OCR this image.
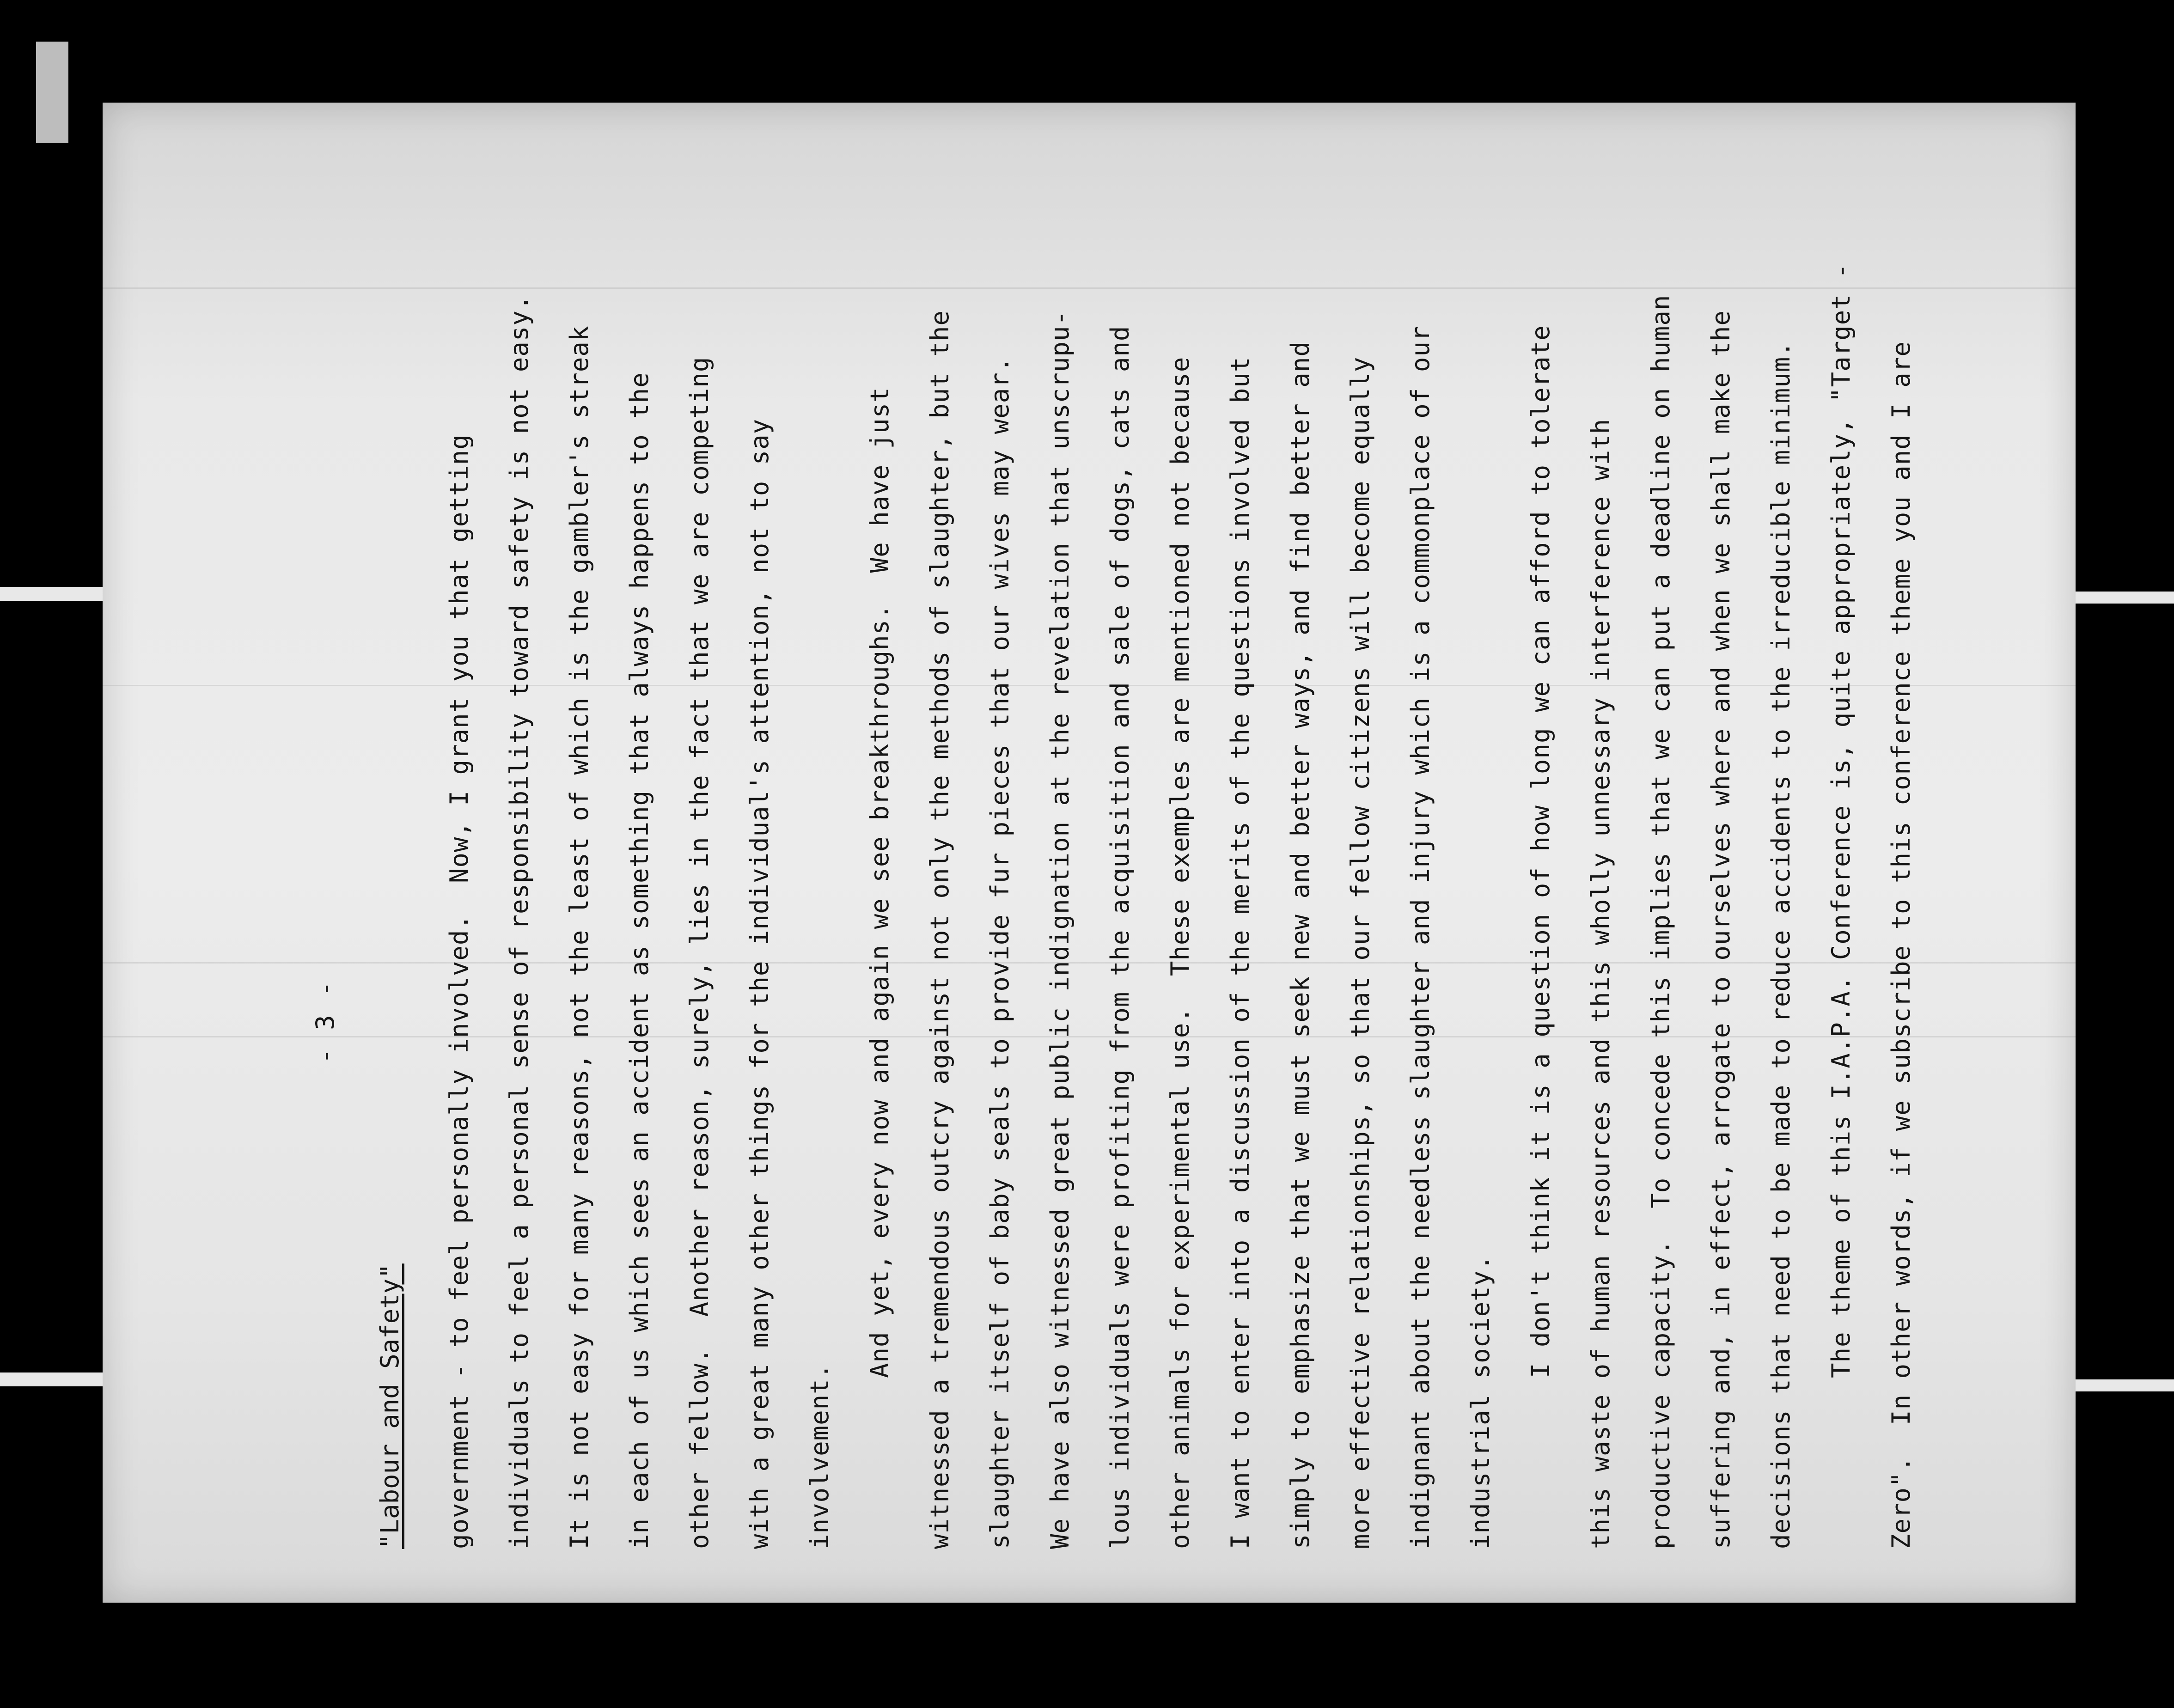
- 3 -
"Labour and Safety" government - to feel personally involved.  Now, I grant you that getting individuals to feel a personal sense of responsibility toward safety is not easy. It is not easy for many reasons, not the least of which is the gambler's streak in each of us which sees an accident as something that always happens to the other fellow.  Another reason, surely, lies in the fact that we are competing with a great many other things for the individual's attention, not to say involvement.
And yet, every now and again we see breakthroughs.  We have just witnessed a tremendous outcry against not only the methods of slaughter, but the slaughter itself of baby seals to provide fur pieces that our wives may wear. We have also witnessed great public indignation at the revelation that unscrupu- lous individuals were profiting from the acquisition and sale of dogs, cats and other animals for experimental use.  These exemples are mentioned not because I want to enter into a discussion of the merits of the questions involved but simply to emphasize that we must seek new and better ways, and find better and more effective relationships, so that our fellow citizens will become equally indignant about the needless slaughter and injury which is a commonplace of our industrial society.
I don't think it is a question of how long we can afford to tolerate this waste of human resources and this wholly unnessary interference with productive capacity.  To concede this implies that we can put a deadline on human suffering and, in effect, arrogate to ourselves where and when we shall make the decisions that need to be made to reduce accidents to the irreducible minimum. The theme of this I.A.P.A. Conference is, quite appropriately, "Target - Zero".  In other words, if we subscribe to this conference theme you and I are
